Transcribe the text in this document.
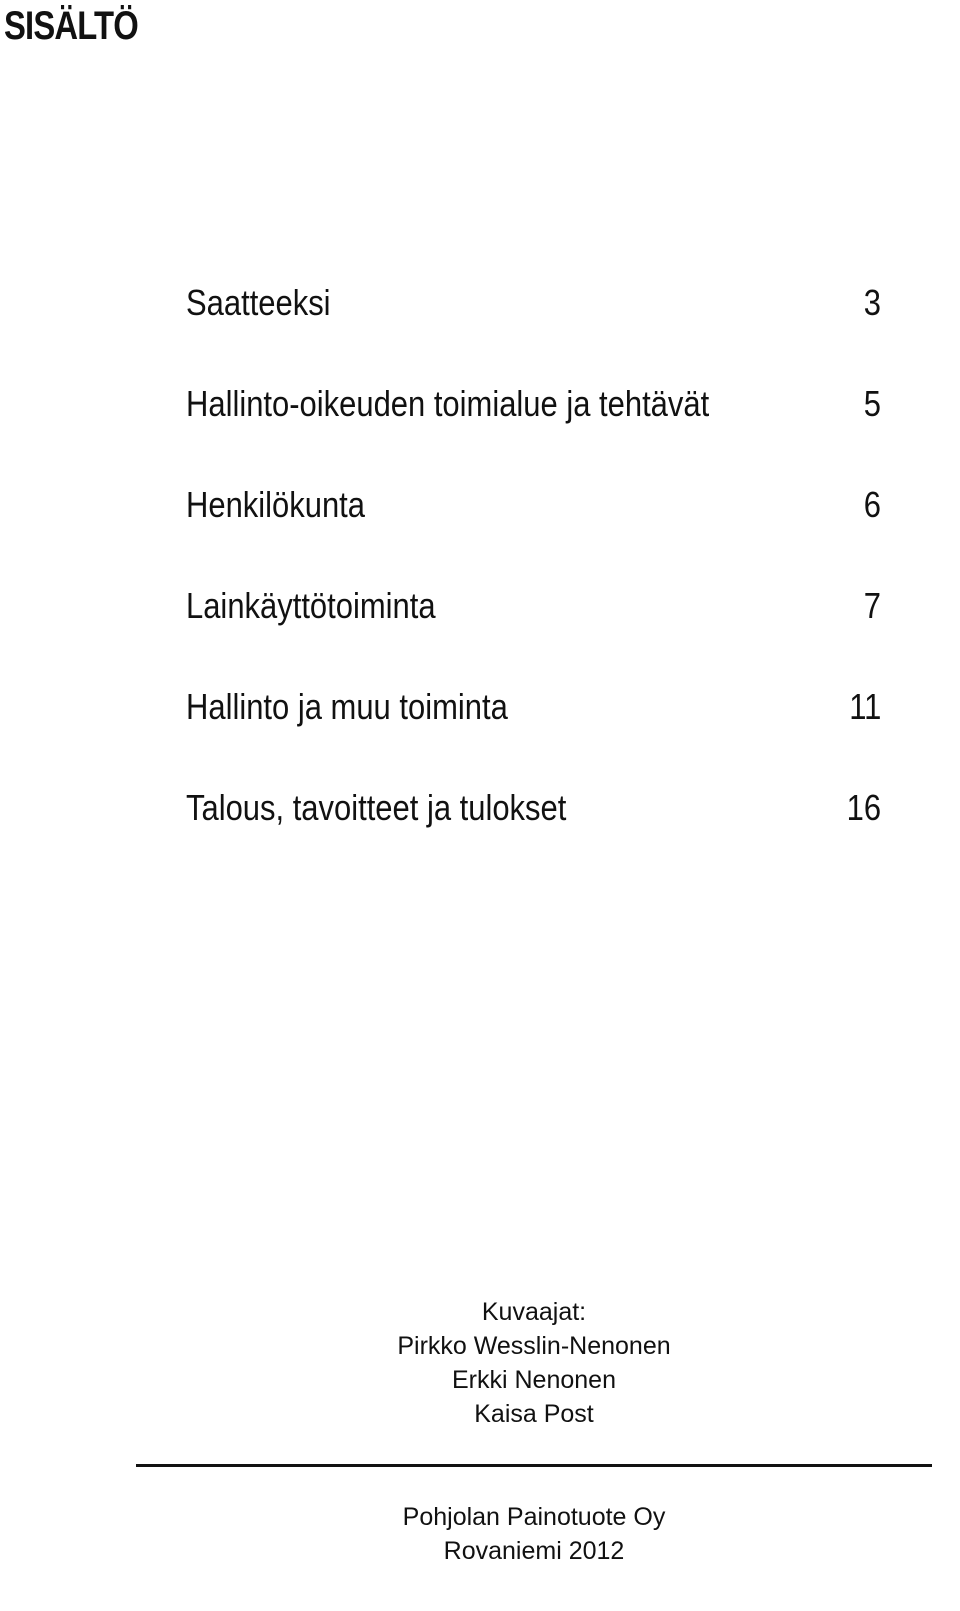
SISÄLTÖ
Saatteeksi	3
Hallinto-oikeuden toimialue ja tehtävät	5
Henkilökunta	6
Lainkäyttötoiminta	7
Hallinto ja muu toiminta	11
Talous, tavoitteet ja tulokset	16
Kuvaajat:
Pirkko Wesslin-Nenonen
Erkki Nenonen
Kaisa Post
Pohjolan Painotuote Oy
Rovaniemi 2012
